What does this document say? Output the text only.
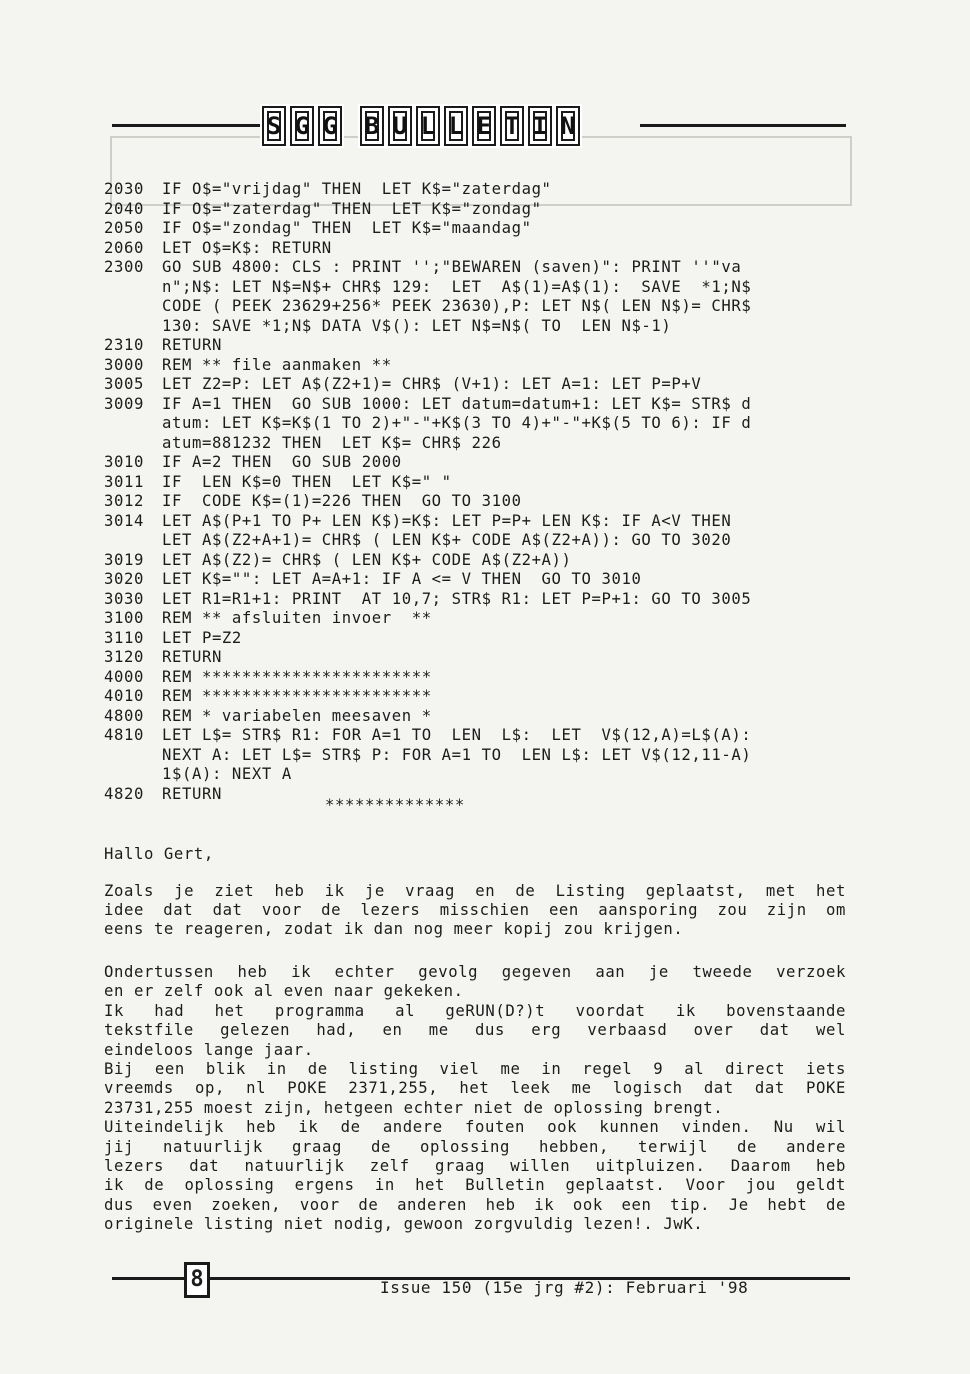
S G G B U L L E T I N
2030 IF O$="vrijdag" THEN  LET K$="zaterdag"
2040 IF O$="zaterdag" THEN  LET K$="zondag"
2050 IF O$="zondag" THEN  LET K$="maandag"
2060 LET O$=K$: RETURN
2300 GO SUB 4800: CLS : PRINT '';"BEWAREN (saven)": PRINT ''"va
n";N$: LET N$=N$+ CHR$ 129:  LET  A$(1)=A$(1):  SAVE  *1;N$
CODE ( PEEK 23629+256* PEEK 23630),P: LET N$( LEN N$)= CHR$
130: SAVE *1;N$ DATA V$(): LET N$=N$( TO  LEN N$-1)
2310 RETURN
3000 REM ** file aanmaken **
3005 LET Z2=P: LET A$(Z2+1)= CHR$ (V+1): LET A=1: LET P=P+V
3009 IF A=1 THEN  GO SUB 1000: LET datum=datum+1: LET K$= STR$ d
atum: LET K$=K$(1 TO 2)+"-"+K$(3 TO 4)+"-"+K$(5 TO 6): IF d
atum=881232 THEN  LET K$= CHR$ 226
3010 IF A=2 THEN  GO SUB 2000
3011 IF  LEN K$=0 THEN  LET K$=" "
3012 IF  CODE K$=(1)=226 THEN  GO TO 3100
3014 LET A$(P+1 TO P+ LEN K$)=K$: LET P=P+ LEN K$: IF A<V THEN
LET A$(Z2+A+1)= CHR$ ( LEN K$+ CODE A$(Z2+A)): GO TO 3020
3019 LET A$(Z2)= CHR$ ( LEN K$+ CODE A$(Z2+A))
3020 LET K$="": LET A=A+1: IF A <= V THEN  GO TO 3010
3030 LET R1=R1+1: PRINT  AT 10,7; STR$ R1: LET P=P+1: GO TO 3005
3100 REM ** afsluiten invoer  **
3110 LET P=Z2
3120 RETURN
4000 REM ***********************
4010 REM ***********************
4800 REM * variabelen meesaven *
4810 LET L$= STR$ R1: FOR A=1 TO  LEN  L$:  LET  V$(12,A)=L$(A):
NEXT A: LET L$= STR$ P: FOR A=1 TO  LEN L$: LET V$(12,11-A)
1$(A): NEXT A
4820 RETURN
**************
Hallo Gert,
Zoals je ziet heb ik je vraag en de Listing geplaatst, met het
idee dat dat voor de lezers misschien een aansporing zou zijn om
eens te reageren, zodat ik dan nog meer kopij zou krijgen.
Ondertussen heb ik echter gevolg gegeven aan je tweede verzoek
en er zelf ook al even naar gekeken.
Ik had het programma al geRUN(D?)t voordat ik bovenstaande
tekstfile gelezen had, en me dus erg verbaasd over dat wel
eindeloos lange jaar.
Bij een blik in de listing viel me in regel 9 al direct iets
vreemds op, nl POKE 2371,255, het leek me logisch dat dat POKE
23731,255 moest zijn, hetgeen echter niet de oplossing brengt.
Uiteindelijk heb ik de andere fouten ook kunnen vinden. Nu wil
jij natuurlijk graag de oplossing hebben, terwijl de andere
lezers dat natuurlijk zelf graag willen uitpluizen. Daarom heb
ik de oplossing ergens in het Bulletin geplaatst. Voor jou geldt
dus even zoeken, voor de anderen heb ik ook een tip. Je hebt de
originele listing niet nodig, gewoon zorgvuldig lezen!. JwK.
8	Issue 150 (15e jrg #2): Februari '98
